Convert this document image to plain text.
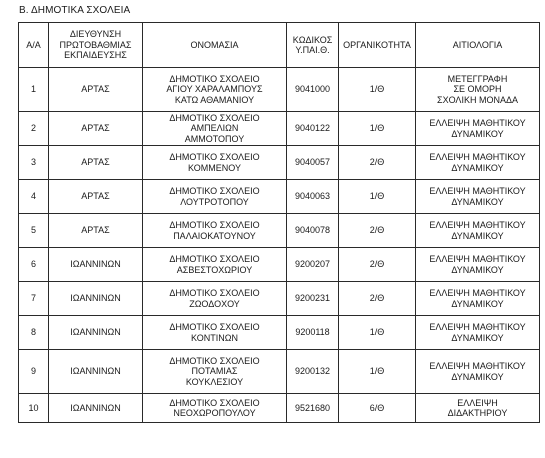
Β. ΔΗΜΟΤΙΚΑ ΣΧΟΛΕΙΑ
Α/Α	ΔΙΕΥΘΥΝΣΗ
ΠΡΩΤΟΒΑΘΜΙΑΣ
ΕΚΠΑΙΔΕΥΣΗΣ	ΟΝΟΜΑΣΙΑ	ΚΩΔΙΚΟΣ
Υ.ΠΑΙ.Θ.	ΟΡΓΑΝΙΚΟΤΗΤΑ	ΑΙΤΙΟΛΟΓΙΑ
1	ΑΡΤΑΣ	ΔΗΜΟΤΙΚΟ ΣΧΟΛΕΙΟ
ΑΓΙΟΥ ΧΑΡΑΛΑΜΠΟΥΣ
ΚΑΤΩ ΑΘΑΜΑΝΙΟΥ	9041000	1/Θ	ΜΕΤΕΓΓΡΑΦΗ
ΣΕ ΟΜΟΡΗ
ΣΧΟΛΙΚΗ ΜΟΝΑΔΑ
2	ΑΡΤΑΣ	ΔΗΜΟΤΙΚΟ ΣΧΟΛΕΙΟ
ΑΜΠΕΛΙΩΝ
ΑΜΜΟΤΟΠΟΥ	9040122	1/Θ	ΕΛΛΕΙΨΗ ΜΑΘΗΤΙΚΟΥ
ΔΥΝΑΜΙΚΟΥ
3	ΑΡΤΑΣ	ΔΗΜΟΤΙΚΟ ΣΧΟΛΕΙΟ
ΚΟΜΜΕΝΟΥ	9040057	2/Θ	ΕΛΛΕΙΨΗ ΜΑΘΗΤΙΚΟΥ
ΔΥΝΑΜΙΚΟΥ
4	ΑΡΤΑΣ	ΔΗΜΟΤΙΚΟ ΣΧΟΛΕΙΟ
ΛΟΥΤΡΟΤΟΠΟΥ	9040063	1/Θ	ΕΛΛΕΙΨΗ ΜΑΘΗΤΙΚΟΥ
ΔΥΝΑΜΙΚΟΥ
5	ΑΡΤΑΣ	ΔΗΜΟΤΙΚΟ ΣΧΟΛΕΙΟ
ΠΑΛΑΙΟΚΑΤΟΥΝΟΥ	9040078	2/Θ	ΕΛΛΕΙΨΗ ΜΑΘΗΤΙΚΟΥ
ΔΥΝΑΜΙΚΟΥ
6	ΙΩΑΝΝΙΝΩΝ	ΔΗΜΟΤΙΚΟ ΣΧΟΛΕΙΟ
ΑΣΒΕΣΤΟΧΩΡΙΟΥ	9200207	2/Θ	ΕΛΛΕΙΨΗ ΜΑΘΗΤΙΚΟΥ
ΔΥΝΑΜΙΚΟΥ
7	ΙΩΑΝΝΙΝΩΝ	ΔΗΜΟΤΙΚΟ ΣΧΟΛΕΙΟ
ΖΩΟΔΟΧΟΥ	9200231	2/Θ	ΕΛΛΕΙΨΗ ΜΑΘΗΤΙΚΟΥ
ΔΥΝΑΜΙΚΟΥ
8	ΙΩΑΝΝΙΝΩΝ	ΔΗΜΟΤΙΚΟ ΣΧΟΛΕΙΟ
ΚΟΝΤΙΝΩΝ	9200118	1/Θ	ΕΛΛΕΙΨΗ ΜΑΘΗΤΙΚΟΥ
ΔΥΝΑΜΙΚΟΥ
9	ΙΩΑΝΝΙΝΩΝ	ΔΗΜΟΤΙΚΟ ΣΧΟΛΕΙΟ
ΠΟΤΑΜΙΑΣ
ΚΟΥΚΛΕΣΙΟΥ	9200132	1/Θ	ΕΛΛΕΙΨΗ ΜΑΘΗΤΙΚΟΥ
ΔΥΝΑΜΙΚΟΥ
10	ΙΩΑΝΝΙΝΩΝ	ΔΗΜΟΤΙΚΟ ΣΧΟΛΕΙΟ
ΝΕΟΧΩΡΟΠΟΥΛΟΥ	9521680	6/Θ	ΕΛΛΕΙΨΗ
ΔΙΔΑΚΤΗΡΙΟΥ
